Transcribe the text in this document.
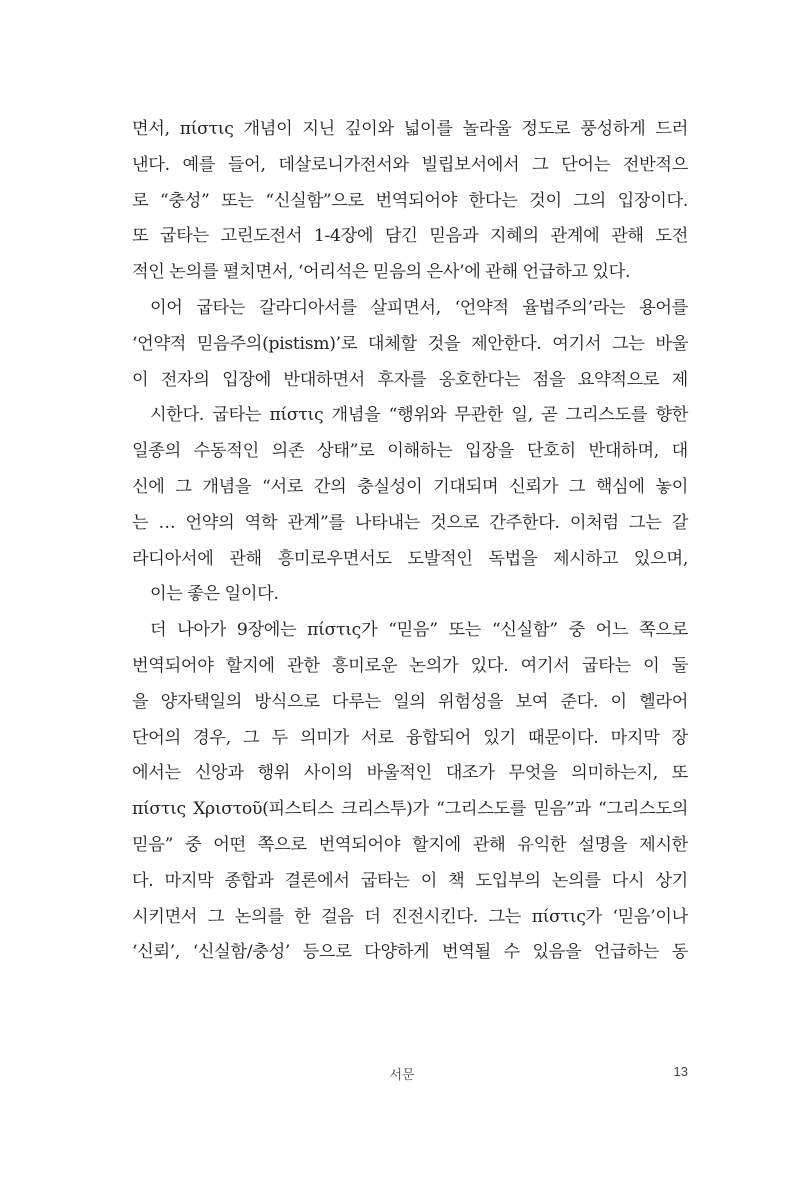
면서, πίστις 개념이 지닌 깊이와 넓이를 놀라울 정도로 풍성하게 드러
낸다. 예를 들어, 데살로니가전서와 빌립보서에서 그 단어는 전반적으
로 “충성” 또는 “신실함”으로 번역되어야 한다는 것이 그의 입장이다.
또 굽타는 고린도전서 1-4장에 담긴 믿음과 지혜의 관계에 관해 도전
적인 논의를 펼치면서, ‘어리석은 믿음의 은사’에 관해 언급하고 있다.
이어 굽타는 갈라디아서를 살피면서, ‘언약적 율법주의’라는 용어를
‘언약적 믿음주의(pistism)’로 대체할 것을 제안한다. 여기서 그는 바울
이 전자의 입장에 반대하면서 후자를 옹호한다는 점을 요약적으로 제
시한다. 굽타는 πίστις 개념을 “행위와 무관한 일, 곧 그리스도를 향한
일종의 수동적인 의존 상태”로 이해하는 입장을 단호히 반대하며, 대
신에 그 개념을 “서로 간의 충실성이 기대되며 신뢰가 그 핵심에 놓이
는 … 언약의 역학 관계”를 나타내는 것으로 간주한다. 이처럼 그는 갈
라디아서에 관해 흥미로우면서도 도발적인 독법을 제시하고 있으며,
이는 좋은 일이다.
더 나아가 9장에는 πίστις가 “믿음” 또는 “신실함” 중 어느 쪽으로
번역되어야 할지에 관한 흥미로운 논의가 있다. 여기서 굽타는 이 둘
을 양자택일의 방식으로 다루는 일의 위험성을 보여 준다. 이 헬라어
단어의 경우, 그 두 의미가 서로 융합되어 있기 때문이다. 마지막 장
에서는 신앙과 행위 사이의 바울적인 대조가 무엇을 의미하는지, 또
πίστις Χριστοῦ(피스티스 크리스투)가 “그리스도를 믿음”과 “그리스도의
믿음” 중 어떤 쪽으로 번역되어야 할지에 관해 유익한 설명을 제시한
다. 마지막 종합과 결론에서 굽타는 이 책 도입부의 논의를 다시 상기
시키면서 그 논의를 한 걸음 더 진전시킨다. 그는 πίστις가 ‘믿음’이나
‘신뢰’, ‘신실함/충성’ 등으로 다양하게 번역될 수 있음을 언급하는 동
서문	13
